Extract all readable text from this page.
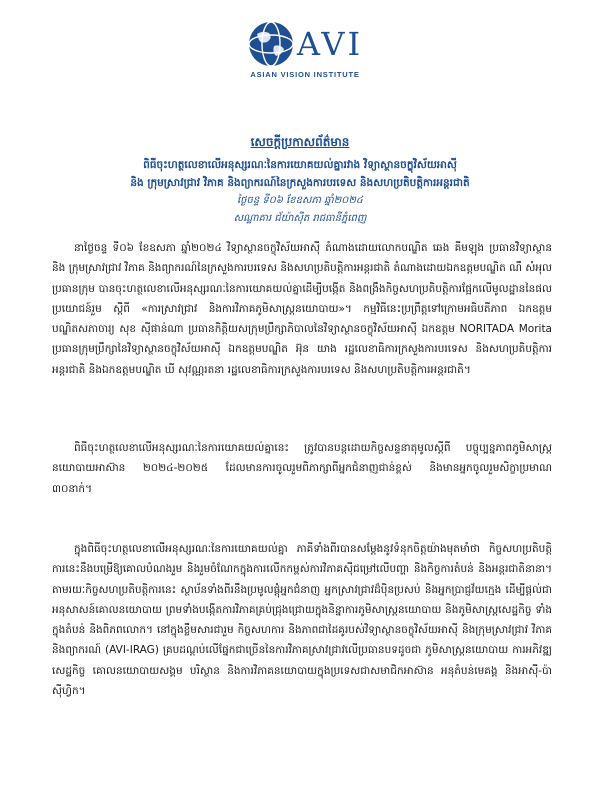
AVI
ASIAN VISION INSTITUTE
សេចក្ដីប្រកាសព័ត៌មាន
ពិធីចុះហត្ថលេខាលើអនុស្សរណៈនៃការយោគយល់គ្នារវាង វិទ្យាស្ថានចក្ខុវិស័យអាស៊ី
និង ក្រុមស្រាវជ្រាវ វិភាគ និងព្យាករណ៍នៃក្រសួងការបរទេស និងសហប្រតិបត្តិការអន្តរជាតិ
ថ្ងៃចន្ទ ទី០៦ ខែឧសភា ឆ្នាំ២០២៤
សណ្ឋាគារ ជ័យ៉ាស៊ីត រាជធានីភ្នំពេញ

នាថ្ងៃចន្ទ ទី០៦ ខែឧសភា ឆ្នាំ២០២៤ វិទ្យាស្ថានចក្ខុវិស័យអាស៊ី តំណាងដោយលោកបណ្ឌិត ឆេង គីមឡុង ប្រធានវិទ្យាស្ថាន និង ក្រុមស្រាវជ្រាវ វិភាគ និងព្យាករណ៍នៃក្រសួងការបរទេស និងសហប្រតិបត្តិការអន្តរជាតិ តំណាងដោយឯកឧត្តមបណ្ឌិត ណឹ សំអុល ប្រធានក្រុម បានចុះហត្ថលេខាលើអនុស្សរណៈនៃការយោគយល់គ្នាដើម្បីបង្កើត និងពង្រឹងកិច្ចសហប្រតិបត្តិការផ្អែកលើមូលដ្ឋាននៃផលប្រយោជន៍រួម ស្តីពី «ការស្រាវជ្រាវ និងការវិភាគភូមិសាស្ត្រនយោបាយ»។ កម្មវិធីនេះប្រព្រឹត្តទៅក្រោមអធិបតីភាព ឯកឧត្តមបណ្ឌិតសភាចារ្យ សុខ ស៊ីផាន់ណា ប្រធានកិត្តិយសក្រុមប្រឹក្សាភិបាលនៃវិទ្យាស្ថានចក្ខុវិស័យអាស៊ី ឯកឧត្តម NORITADA Morita ប្រធានក្រុមប្រឹក្សានៃវិទ្យាស្ថានចក្ខុវិស័យអាស៊ី ឯកឧត្តមបណ្ឌិត អ៊ុន យាង រដ្ឋលេខាធិការក្រសួងការបរទេស និងសហប្រតិបត្តិការអន្តរជាតិ និងឯកឧត្តមបណ្ឌិត ឃី សុវណ្ណរតនា រដ្ឋលេខាធិការក្រសួងការបរទេស និងសហប្រតិបត្តិការអន្តរជាតិ។

ពិធីចុះហត្ថលេខាលើអនុស្សរណៈនៃការយោគយល់គ្នានេះ ត្រូវបានបន្តដោយកិច្ចសន្ទនាតុមូលស្តីពី បច្ចុប្បន្នភាពភូមិសាស្ត្រនយោបាយអាស៊ាន ២០២៤-២០២៥ ដែលមានការចូលរួមពិភាក្សាពីអ្នកជំនាញជាន់ខ្ពស់ និងមានអ្នកចូលរួមសិក្ខាប្រមាណ ៣០នាក់។

ក្នុងពិធីចុះហត្ថលេខាលើអនុស្សរណៈនៃការយោគយល់គ្នា ភាគីទាំងពីរបានសម្តែងនូវទំនុកចិត្តយ៉ាងមុតមាំថា កិច្ចសហប្រតិបត្តិការនេះនឹងបម្រើឱ្យគោលបំណងរួម និងរួមចំណែកក្នុងការលើកកម្ពស់ការវិភាគស៊ីជម្រៅលើបញ្ហា និងកិច្ចការតំបន់ និងអន្តរជាតិនានា។ តាមរយៈកិច្ចសហប្រតិបត្តិការនេះ ស្ថាប័នទាំងពីរនឹងប្រមូលផ្តុំអ្នកជំនាញ អ្នកស្រាវជ្រាវដ៏ប៉ិនប្រសប់ និងអ្នកប្រាជ្ញវ័យក្មេង ដើម្បីផ្តល់ជាអនុសាសន៍គោលនយោបាយ ព្រមទាំងបង្កើតការវិភាគគ្រប់ជ្រុងជ្រោយក្នុងនិន្នាការភូមិសាស្ត្រនយោបាយ និងភូមិសាស្ត្រសេដ្ឋកិច្ច ទាំងក្នុងតំបន់ និងពិភពលោក។ នៅក្នុងខ្លឹមសារជារួម កិច្ចសហការ និងភាពជាដៃគូរបស់វិទ្យាស្ថានចក្ខុវិស័យអាស៊ី និងក្រុមស្រាវជ្រាវ វិភាគ និងព្យាករណ៍ (AVI-IRAG) គ្របដណ្តប់លើផ្នែកជាច្រើននៃការវិភាគស្រាវជ្រាវលើប្រធានបទដូចជា ភូមិសាស្ត្រនយោបាយ ការអភិវឌ្ឍសេដ្ឋកិច្ច គោលនយោបាយសង្គម បរិស្ថាន និងការវិភាគនយោបាយក្នុងប្រទេសជាសមាជិកអាស៊ាន អនុតំបន់មេគង្គ និងអាស៊ី-ប៉ាស៊ីហ្វិក។
